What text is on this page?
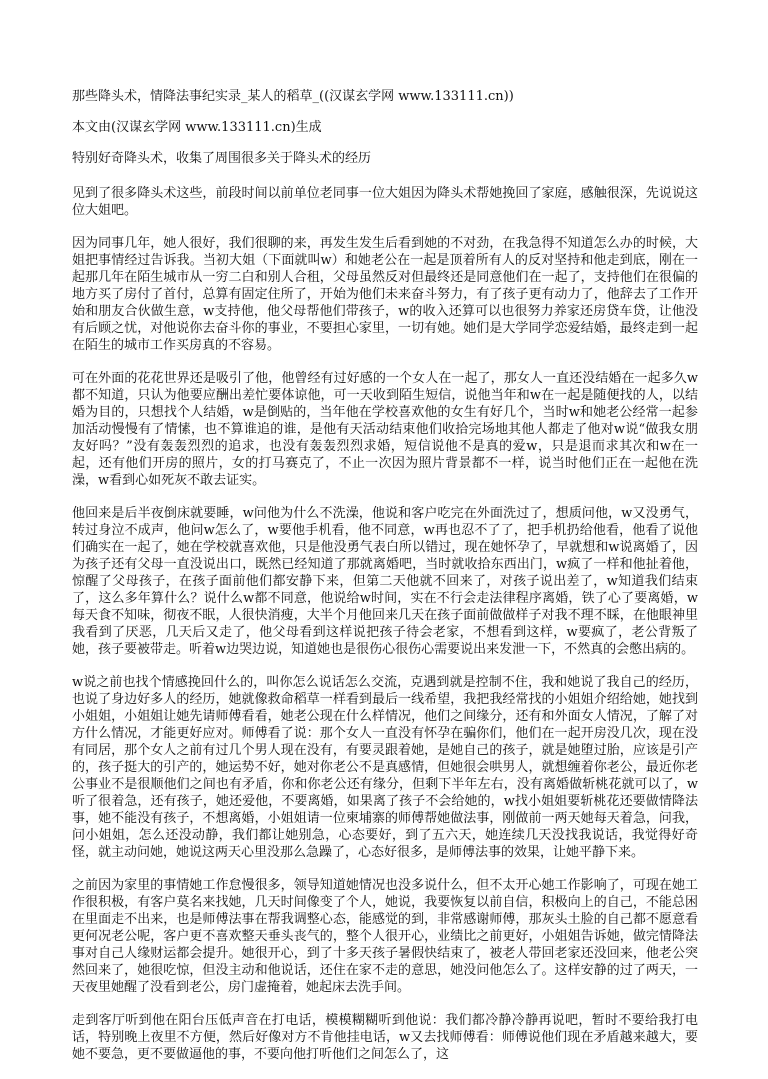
那些降头术，情降法事纪实录_某人的稻草_((汉谋玄学网 www.133111.cn))
本文由(汉谋玄学网 www.133111.cn)生成
特别好奇降头术，收集了周围很多关于降头术的经历

见到了很多降头术这些，前段时间以前单位老同事一位大姐因为降头术帮她挽回了家庭，感触很深，先说说这位大姐吧。

因为同事几年，她人很好，我们很聊的来，再发生发生后看到她的不对劲，在我急得不知道怎么办的时候，大姐把事情经过告诉我。当初大姐（下面就叫w）和她老公在一起是顶着所有人的反对坚持和他走到底，刚在一起那几年在陌生城市从一穷二白和别人合租，父母虽然反对但最终还是同意他们在一起了，支持他们在很偏的地方买了房付了首付，总算有固定住所了，开始为他们未来奋斗努力，有了孩子更有动力了，他辞去了工作开始和朋友合伙做生意，w支持他，他父母帮他们带孩子，w的收入还算可以也很努力养家还房贷车贷，让他没有后顾之忧，对他说你去奋斗你的事业，不要担心家里，一切有她。她们是大学同学恋爱结婚，最终走到一起在陌生的城市工作买房真的不容易。

可在外面的花花世界还是吸引了他，他曾经有过好感的一个女人在一起了，那女人一直还没结婚在一起多久w都不知道，只认为他要应酬出差忙要体谅他，可一天收到陌生短信，说他当年和w在一起是随便找的人，以结婚为目的，只想找个人结婚，w是倒贴的，当年他在学校喜欢他的女生有好几个，当时w和她老公经常一起参加活动慢慢有了情愫，也不算谁追的谁，是他有天活动结束他们收拾完场地其他人都走了他对w说“做我女朋友好吗？”没有轰轰烈烈的追求，也没有轰轰烈烈求婚，短信说他不是真的爱w，只是退而求其次和w在一起，还有他们开房的照片，女的打马赛克了，不止一次因为照片背景都不一样，说当时他们正在一起他在洗澡，w看到心如死灰不敢去证实。

他回来是后半夜倒床就要睡，w问他为什么不洗澡，他说和客户吃完在外面洗过了，想质问他，w又没勇气，转过身泣不成声，他问w怎么了，w要他手机看，他不同意，w再也忍不了了，把手机扔给他看，他看了说他们确实在一起了，她在学校就喜欢他，只是他没勇气表白所以错过，现在她怀孕了，早就想和w说离婚了，因为孩子还有父母一直没说出口，既然已经知道了那就离婚吧，当时就收拾东西出门，w疯了一样和他扯着他，惊醒了父母孩子，在孩子面前他们都安静下来，但第二天他就不回来了，对孩子说出差了，w知道我们结束了，这么多年算什么？说什么w都不同意，他说给w时间，实在不行会走法律程序离婚，铁了心了要离婚，w每天食不知味，彻夜不眠，人很快消瘦，大半个月他回来几天在孩子面前做做样子对我不理不睬，在他眼神里我看到了厌恶，几天后又走了，他父母看到这样说把孩子待会老家，不想看到这样，w要疯了，老公背叛了她，孩子要被带走。听着w边哭边说，知道她也是很伤心很伤心需要说出来发泄一下，不然真的会憋出病的。

w说之前也找个情感挽回什么的，叫你怎么说话怎么交流，克遇到就是控制不住，我和她说了我自己的经历，也说了身边好多人的经历，她就像救命稻草一样看到最后一线希望，我把我经常找的小姐姐介绍给她，她找到小姐姐，小姐姐让她先请师傅看看，她老公现在什么样情况，他们之间缘分，还有和外面女人情况，了解了对方什么情况，才能更好应对。师傅看了说：那个女人一直没有怀孕在骗你们，他们在一起开房没几次，现在没有同居，那个女人之前有过几个男人现在没有，有要灵跟着她，是她自己的孩子，就是她堕过胎，应该是引产的，孩子挺大的引产的，她运势不好，她对你老公不是真感情，但她很会哄男人，就想缠着你老公，最近你老公事业不是很顺他们之间也有矛盾，你和你老公还有缘分，但剩下半年左右，没有离婚做斩桃花就可以了，w听了很着急，还有孩子，她还爱他，不要离婚，如果离了孩子不会给她的，w找小姐姐要斩桃花还要做情降法事，她不能没有孩子，不想离婚，小姐姐请一位柬埔寨的师傅帮她做法事，刚做前一两天她每天着急，问我，问小姐姐，怎么还没动静，我们都让她别急，心态要好，到了五六天，她连续几天没找我说话，我觉得好奇怪，就主动问她，她说这两天心里没那么急躁了，心态好很多，是师傅法事的效果，让她平静下来。

之前因为家里的事情她工作怠慢很多，领导知道她情况也没多说什么，但不太开心她工作影响了，可现在她工作很积极，有客户莫名来找她，几天时间像变了个人，她说，我要恢复以前自信，积极向上的自己，不能总困在里面走不出来，也是师傅法事在帮我调整心态，能感觉的到，非常感谢师傅，那灰头土脸的自己都不愿意看更何况老公呢，客户更不喜欢整天垂头丧气的，整个人很开心，业绩比之前更好，小姐姐告诉她，做完情降法事对自己人缘财运都会提升。她很开心，到了十多天孩子暑假快结束了，被老人带回老家还没回来，他老公突然回来了，她很吃惊，但没主动和他说话，还住在家不走的意思，她没问他怎么了。这样安静的过了两天，一天夜里她醒了没看到老公，房门虚掩着，她起床去洗手间。

走到客厅听到他在阳台压低声音在打电话，模模糊糊听到他说：我们都冷静冷静再说吧，暂时不要给我打电话，特别晚上夜里不方便，然后好像对方不肯他挂电话，w又去找师傅看：师傅说他们现在矛盾越来越大，要她不要急，更不要做逼他的事，不要向他打听他们之间怎么了，这
